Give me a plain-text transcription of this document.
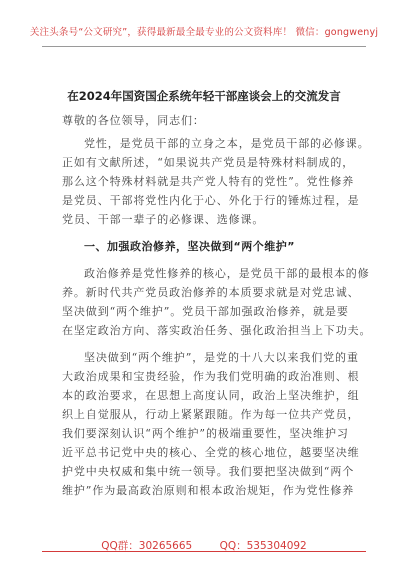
关注头条号“公文研究”，获得最新最全最专业的公文资料库！ 微信：gongwenyj
在2024年国资国企系统年轻干部座谈会上的交流发言
尊敬的各位领导，同志们：
党性，是党员干部的立身之本，是党员干部的必修课。
正如有文献所述，“如果说共产党员是特殊材料制成的，
那么这个特殊材料就是共产党人特有的党性”。党性修养
是党员、干部将党性内化于心、外化于行的锤炼过程，是
党员、干部一辈子的必修课、选修课。
一、加强政治修养，坚决做到“两个维护”
政治修养是党性修养的核心，是党员干部的最根本的修
养。新时代共产党员政治修养的本质要求就是对党忠诚、
坚决做到“两个维护”。党员干部加强政治修养，就是要
在坚定政治方向、落实政治任务、强化政治担当上下功夫。
坚决做到“两个维护”，是党的十八大以来我们党的重
大政治成果和宝贵经验，作为我们党明确的政治准则、根
本的政治要求，在思想上高度认同，政治上坚决维护，组
织上自觉服从，行动上紧紧跟随。作为每一位共产党员，
我们要深刻认识“两个维护”的极端重要性，坚决维护习
近平总书记党中央的核心、全党的核心地位，越要坚决维
护党中央权威和集中统一领导。我们要把坚决做到“两个
维护”作为最高政治原则和根本政治规矩，作为党性修养
QQ群：30265665	QQ：535304092
